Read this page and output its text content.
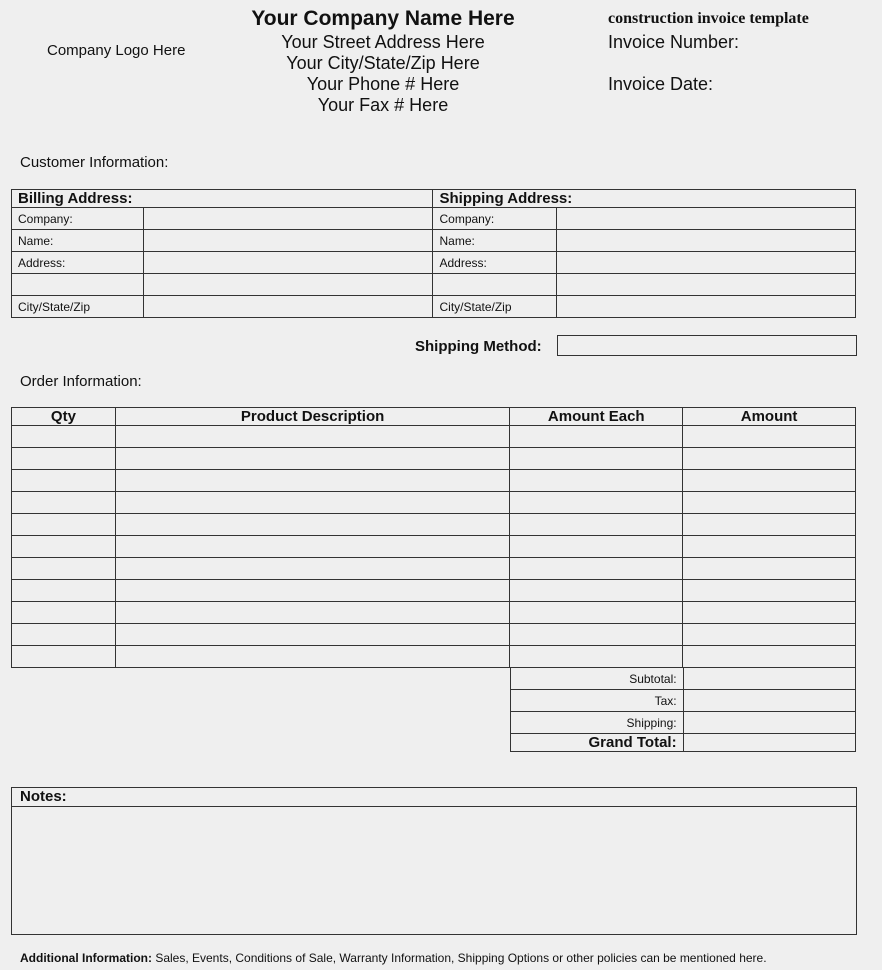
Company Logo Here
Your Company Name Here
Your Street Address Here
Your City/State/Zip Here
Your Phone # Here
Your Fax # Here
construction invoice template
Invoice Number:
Invoice Date:
Customer Information:
Billing Address:		Shipping Address:	
Company:		Company:	
Name:		Name:	
Address:		Address:	

City/State/Zip		City/State/Zip	
Shipping Method:
Order Information:
Qty	Product Description	Amount Each	Amount

Subtotal:	
Tax:	
Shipping:	
Grand Total:	
Notes:
Additional Information: Sales, Events, Conditions of Sale, Warranty Information, Shipping Options or other policies can be mentioned here.
